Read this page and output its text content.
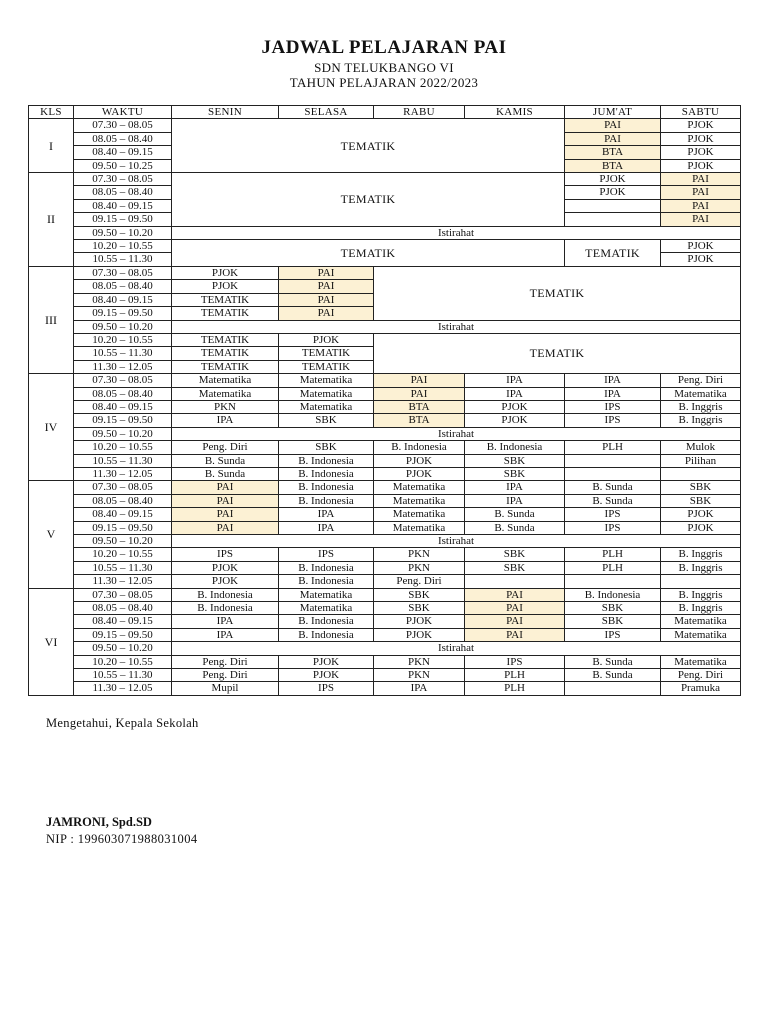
JADWAL PELAJARAN PAI
SDN TELUKBANGO VI
TAHUN PELAJARAN 2022/2023
KLS	WAKTU	SENIN	SELASA	RABU	KAMIS	JUM'AT	SABTU
I	07.30 – 08.05	TEMATIK				PAI	PJOK
	08.05 – 08.40					PAI	PJOK
	08.40 – 09.15					BTA	PJOK
	09.50 – 10.25					BTA	PJOK
II	07.30 – 08.05	TEMATIK				PJOK	PAI
	08.05 – 08.40					PJOK	PAI
	08.40 – 09.15						PAI
	09.15 – 09.50						PAI
	09.50 – 10.20	Istirahat					
	10.20 – 10.55	TEMATIK				TEMATIK	PJOK
	10.55 – 11.30						PJOK
III	07.30 – 08.05	PJOK	PAI	TEMATIK			
	08.05 – 08.40	PJOK	PAI				
	08.40 – 09.15	TEMATIK	PAI				
	09.15 – 09.50	TEMATIK	PAI				
	09.50 – 10.20	Istirahat					
	10.20 – 10.55	TEMATIK	PJOK	TEMATIK			
	10.55 – 11.30	TEMATIK	TEMATIK				
	11.30 – 12.05	TEMATIK	TEMATIK				
IV	07.30 – 08.05	Matematika	Matematika	PAI	IPA	IPA	Peng. Diri
	08.05 – 08.40	Matematika	Matematika	PAI	IPA	IPA	Matematika
	08.40 – 09.15	PKN	Matematika	BTA	PJOK	IPS	B. Inggris
	09.15 – 09.50	IPA	SBK	BTA	PJOK	IPS	B. Inggris
	09.50 – 10.20	Istirahat					
	10.20 – 10.55	Peng. Diri	SBK	B. Indonesia	B. Indonesia	PLH	Mulok
	10.55 – 11.30	B. Sunda	B. Indonesia	PJOK	SBK		Pilihan
	11.30 – 12.05	B. Sunda	B. Indonesia	PJOK	SBK		
V	07.30 – 08.05	PAI	B. Indonesia	Matematika	IPA	B. Sunda	SBK
	08.05 – 08.40	PAI	B. Indonesia	Matematika	IPA	B. Sunda	SBK
	08.40 – 09.15	PAI	IPA	Matematika	B. Sunda	IPS	PJOK
	09.15 – 09.50	PAI	IPA	Matematika	B. Sunda	IPS	PJOK
	09.50 – 10.20	Istirahat					
	10.20 – 10.55	IPS	IPS	PKN	SBK	PLH	B. Inggris
	10.55 – 11.30	PJOK	B. Indonesia	PKN	SBK	PLH	B. Inggris
	11.30 – 12.05	PJOK	B. Indonesia	Peng. Diri			
VI	07.30 – 08.05	B. Indonesia	Matematika	SBK	PAI	B. Indonesia	B. Inggris
	08.05 – 08.40	B. Indonesia	Matematika	SBK	PAI	SBK	B. Inggris
	08.40 – 09.15	IPA	B. Indonesia	PJOK	PAI	SBK	Matematika
	09.15 – 09.50	IPA	B. Indonesia	PJOK	PAI	IPS	Matematika
	09.50 – 10.20	Istirahat					
	10.20 – 10.55	Peng. Diri	PJOK	PKN	IPS	B. Sunda	Matematika
	10.55 – 11.30	Peng. Diri	PJOK	PKN	PLH	B. Sunda	Peng. Diri
	11.30 – 12.05	Mupil	IPS	IPA	PLH		Pramuka
Mengetahui, Kepala Sekolah
JAMRONI, Spd.SD
NIP : 199603071988031004
